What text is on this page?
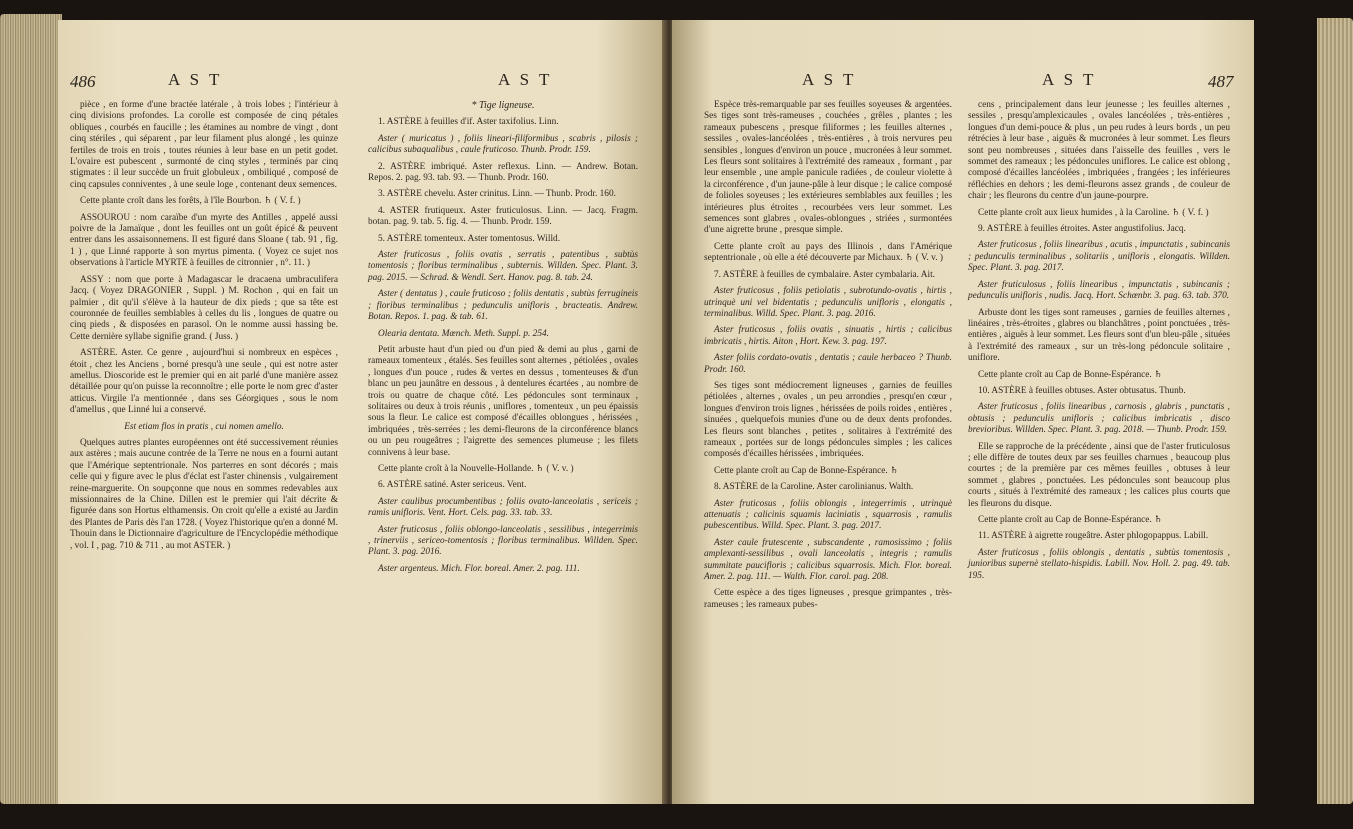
486	A S T	A S T

pièce , en forme d'une bractée latérale , à trois lobes ; l'intérieur à cinq divisions profondes. La corolle est composée de cinq pétales obliques , courbés en faucille ; les étamines au nombre de vingt , dont cinq stériles , qui séparent , par leur filament plus alongé , les quinze fertiles de trois en trois , toutes réunies à leur base en un petit godet. L'ovaire est pubescent , surmonté de cinq styles , terminés par cinq stigmates : il leur succède un fruit globuleux , ombiliqué , composé de cinq capsules conniventes , à une seule loge , contenant deux semences.

Cette plante croît dans les forêts, à l'île Bourbon. ♄ ( V. f. )

ASSOUROU : nom caraïbe d'un myrte des Antilles , appelé aussi poivre de la Jamaïque , dont les feuilles ont un goût épicé & peuvent entrer dans les assaisonnemens. Il est figuré dans Sloane ( tab. 91 , fig. 1 ) , que Linné rapporte à son myrtus pimenta. ( Voyez ce sujet nos observations à l'article MYRTE à feuilles de citronnier , n°. 11. )

ASSY : nom que porte à Madagascar le dracaena umbraculifera Jacq. ( Voyez DRAGONIER , Suppl. ) M. Rochon , qui en fait un palmier , dit qu'il s'élève à la hauteur de dix pieds ; que sa tête est couronnée de feuilles semblables à celles du lis , longues de quatre ou cinq pieds , & disposées en parasol. On le nomme aussi hassing be. Cette dernière syllabe signifie grand. ( Juss. )

ASTÈRE. Aster. Ce genre , aujourd'hui si nombreux en espèces , étoit , chez les Anciens , borné presqu'à une seule , qui est notre aster amellus. Dioscoride est le premier qui en ait parlé d'une manière assez détaillée pour qu'on puisse la reconnoître ; elle porte le nom grec d'aster atticus. Virgile l'a mentionnée , dans ses Géorgiques , sous le nom d'amellus , que Linné lui a conservé.

Est etiam flos in pratis , cui nomen amello.

Quelques autres plantes européennes ont été successivement réunies aux astères ; mais aucune contrée de la Terre ne nous en a fourni autant que l'Amérique septentrionale. Nos parterres en sont décorés ; mais celle qui y figure avec le plus d'éclat est l'aster chinensis , vulgairement reine-marguerite. On soupçonne que nous en sommes redevables aux missionnaires de la Chine. Dillen est le premier qui l'ait décrite & figurée dans son Hortus elthamensis. On croit qu'elle a existé au Jardin des Plantes de Paris dès l'an 1728. ( Voyez l'historique qu'en a donné M. Thouin dans le Dictionnaire d'agriculture de l'Encyclopédie méthodique , vol. I , pag. 710 & 711 , au mot ASTER. )

* Tige ligneuse.

1. ASTÈRE à feuilles d'if. Aster taxifolius. Linn.

Aster ( muricatus ) , foliis lineari-filiformibus , scabris , pilosis ; calicibus subaqualibus , caule fruticoso. Thunb. Prodr. 159.

2. ASTÈRE imbriqué. Aster reflexus. Linn. — Andrew. Botan. Repos. 2. pag. 93. tab. 93. — Thunb. Prodr. 160.

3. ASTÈRE chevelu. Aster crinitus. Linn. — Thunb. Prodr. 160.

4. ASTER frutiqueux. Aster fruticulosus. Linn. — Jacq. Fragm. botan. pag. 9. tab. 5. fig. 4. — Thunb. Prodr. 159.

5. ASTÈRE tomenteux. Aster tomentosus. Willd.

Aster fruticosus , foliis ovatis , serratis , patentibus , subtùs tomentosis ; floribus terminalibus , subternis. Willden. Spec. Plant. 3. pag. 2015. — Schrad. & Wendl. Sert. Hanov. pag. 8. tab. 24.

Aster ( dentatus ) , caule fruticoso ; foliis dentatis , subtùs ferrugineis ; floribus terminalibus ; pedunculis unifloris , bracteatis. Andrew. Botan. Repos. 1. pag. & tab. 61.

Olearia dentata. Mœnch. Meth. Suppl. p. 254.

Petit arbuste haut d'un pied ou d'un pied & demi au plus , garni de rameaux tomenteux , étalés. Ses feuilles sont alternes , pétiolées , ovales , longues d'un pouce , rudes & vertes en dessus , tomenteuses & d'un blanc un peu jaunâtre en dessous , à dentelures écartées , au nombre de trois ou quatre de chaque côté. Les pédoncules sont terminaux , solitaires ou deux à trois réunis , uniflores , tomenteux , un peu épaissis sous la fleur. Le calice est composé d'écailles oblongues , hérissées , imbriquées , très-serrées ; les demi-fleurons de la circonférence blancs ou un peu rougeâtres ; l'aigrette des semences plumeuse ; les filets connivens à leur base.

Cette plante croît à la Nouvelle-Hollande. ♄ ( V. v. )

6. ASTÈRE satiné. Aster sericeus. Vent.

Aster caulibus procumbentibus ; foliis ovato-lanceolatis , sericeis ; ramis unifloris. Vent. Hort. Cels. pag. 33. tab. 33.

Aster fruticosus , foliis oblongo-lanceolatis , sessilibus , integerrimis , trinerviis , sericeo-tomentosis ; floribus terminalibus. Willden. Spec. Plant. 3. pag. 2016.

Aster argenteus. Mich. Flor. boreal. Amer. 2. pag. 111.

A S T	A S T	487

Espèce très-remarquable par ses feuilles soyeuses & argentées. Ses tiges sont très-rameuses , couchées , grêles , plantes ; les rameaux pubescens , presque filiformes ; les feuilles alternes , sessiles , ovales-lancéolées , très-entières , à trois nervures peu sensibles , longues d'environ un pouce , mucronées à leur sommet. Les fleurs sont solitaires à l'extrémité des rameaux , formant , par leur ensemble , une ample panicule radiées , de couleur violette à la circonférence , d'un jaune-pâle à leur disque ; le calice composé de folioles soyeuses ; les extérieures semblables aux feuilles ; les intérieures plus étroites , recourbées vers leur sommet. Les semences sont glabres , ovales-oblongues , striées , surmontées d'une aigrette brune , presque simple.

Cette plante croît au pays des Illinois , dans l'Amérique septentrionale , où elle a été découverte par Michaux. ♄ ( V. v. )

7. ASTÈRE à feuilles de cymbalaire. Aster cymbalaria. Ait.

Aster fruticosus , foliis petiolatis , subrotundo-ovatis , hirtis , utrinquè uni vel bidentatis ; pedunculis unifloris , elongatis , terminalibus. Willd. Spec. Plant. 3. pag. 2016.

Aster fruticosus , foliis ovatis , sinuatis , hirtis ; calicibus imbricatis , hirtis. Aiton , Hort. Kew. 3. pag. 197.

Aster foliis cordato-ovatis , dentatis ; caule herbaceo ? Thunb. Prodr. 160.

Ses tiges sont médiocrement ligneuses , garnies de feuilles pétiolées , alternes , ovales , un peu arrondies , presqu'en cœur , longues d'environ trois lignes , hérissées de poils roides , entières , sinuées , quelquefois munies d'une ou de deux dents profondes. Les fleurs sont blanches , petites , solitaires à l'extrémité des rameaux , portées sur de longs pédoncules simples ; les calices composés d'écailles hérissées , imbriquées.

Cette plante croît au Cap de Bonne-Espérance. ♄

8. ASTÈRE de la Caroline. Aster carolinianus. Walth.

Aster fruticosus , foliis oblongis , integerrimis , utrinquè attenuatis ; calicinis squamis laciniatis , squarrosis , ramulis pubescentibus. Willd. Spec. Plant. 3. pag. 2017.

Aster caule frutescente , subscandente , ramosissimo ; foliis amplexanti-sessilibus , ovali lanceolatis , integris ; ramulis summitate paucifloris ; calicibus squarrosis. Mich. Flor. boreal. Amer. 2. pag. 111. — Walth. Flor. carol. pag. 208.

Cette espèce a des tiges ligneuses , presque grimpantes , très-rameuses ; les rameaux pubes-

cens , principalement dans leur jeunesse ; les feuilles alternes , sessiles , presqu'amplexicaules , ovales lancéolées , très-entières , longues d'un demi-pouce & plus , un peu rudes à leurs bords , un peu rétrécies à leur base , aiguës & mucronées à leur sommet. Les fleurs sont peu nombreuses , situées dans l'aisselle des feuilles , vers le sommet des rameaux ; les pédoncules uniflores. Le calice est oblong , composé d'écailles lancéolées , imbriquées , frangées ; les inférieures réfléchies en dehors ; les demi-fleurons assez grands , de couleur de chair ; les fleurons du centre d'un jaune-pourpre.

Cette plante croît aux lieux humides , à la Caroline. ♄ ( V. f. )

9. ASTÈRE à feuilles étroites. Aster angustifolius. Jacq.

Aster fruticosus , foliis linearibus , acutis , impunctatis , subincanis ; pedunculis terminalibus , solitariis , unifloris , elongatis. Willden. Spec. Plant. 3. pag. 2017.

Aster fruticulosus , foliis linearibus , impunctatis , subincanis ; pedunculis unifloris , nudis. Jacq. Hort. Schœnbr. 3. pag. 63. tab. 370.

Arbuste dont les tiges sont rameuses , garnies de feuilles alternes , linéaires , très-étroites , glabres ou blanchâtres , point ponctuées , très-entières , aiguës à leur sommet. Les fleurs sont d'un bleu-pâle , situées à l'extrémité des rameaux , sur un très-long pédoncule solitaire , uniflore.

Cette plante croît au Cap de Bonne-Espérance. ♄

10. ASTÈRE à feuilles obtuses. Aster obtusatus. Thunb.

Aster fruticosus , foliis linearibus , carnosis , glabris , punctatis , obtusis ; pedunculis unifloris ; calicibus imbricatis , disco brevioribus. Willden. Spec. Plant. 3. pag. 2018. — Thunb. Prodr. 159.

Elle se rapproche de la précédente , ainsi que de l'aster fruticulosus ; elle diffère de toutes deux par ses feuilles charnues , beaucoup plus courtes ; de la première par ces mêmes feuilles , obtuses à leur sommet , glabres , ponctuées. Les pédoncules sont beaucoup plus courts , situés à l'extrémité des rameaux ; les calices plus courts que les fleurons du disque.

Cette plante croît au Cap de Bonne-Espérance. ♄

11. ASTÈRE à aigrette rougeâtre. Aster phlogopappus. Labill.

Aster fruticosus , foliis oblongis , dentatis , subtùs tomentosis , junioribus supernè stellato-hispidis. Labill. Nov. Holl. 2. pag. 49. tab. 195.
